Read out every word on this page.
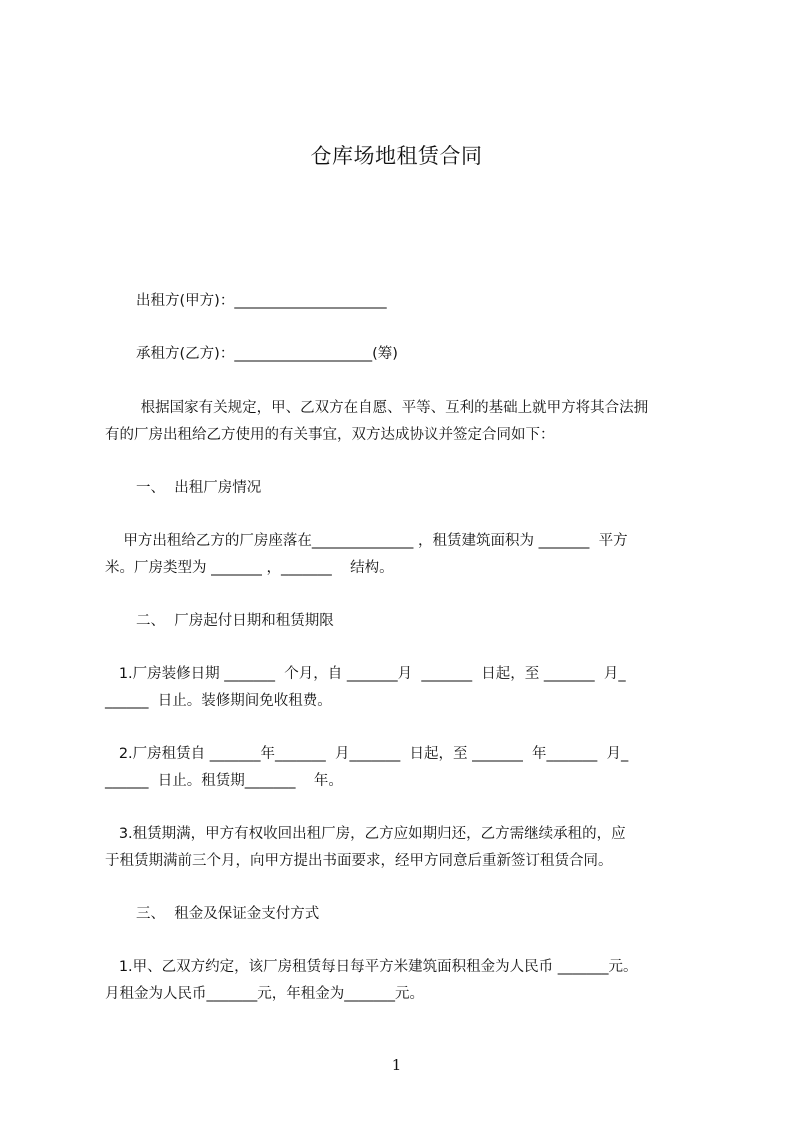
仓库场地租赁合同
出租方(甲方)：_____________________
承租方(乙方)：___________________(筹)
根据国家有关规定，甲、乙双方在自愿、平等、互利的基础上就甲方将其合法拥
有的厂房出租给乙方使用的有关事宜，双方达成协议并签定合同如下：
一、  出租厂房情况
甲方出租给乙方的厂房座落在______________ ，租赁建筑面积为 _______  平方
米。厂房类型为 _______ ，_______    结构。
二、  厂房起付日期和租赁期限
1.厂房装修日期 _______  个月，自 _______月  _______  日起，至 _______  月_
______  日止。装修期间免收租费。
2.厂房租赁自 _______年_______  月_______  日起，至 _______  年_______  月_
______  日止。租赁期_______    年。
3.租赁期满，甲方有权收回出租厂房，乙方应如期归还，乙方需继续承租的，应
于租赁期满前三个月，向甲方提出书面要求，经甲方同意后重新签订租赁合同。
三、  租金及保证金支付方式
1.甲、乙双方约定，该厂房租赁每日每平方米建筑面积租金为人民币 _______元。
月租金为人民币_______元，年租金为_______元。
1
